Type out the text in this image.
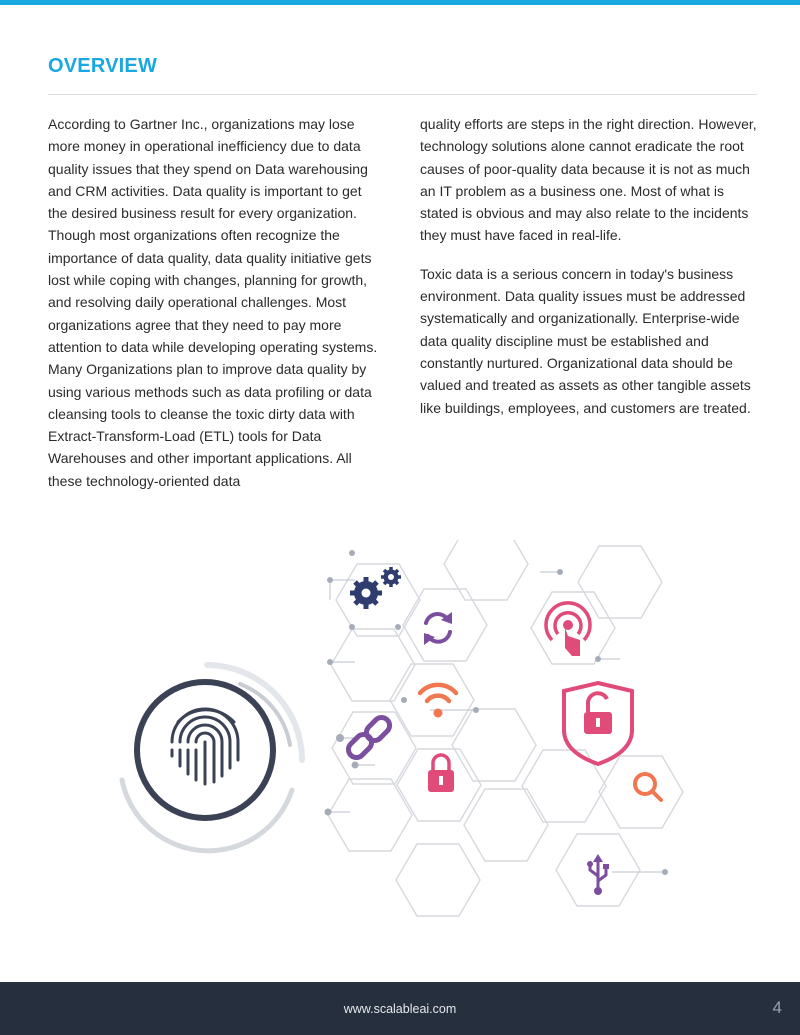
OVERVIEW

According to Gartner Inc., organizations may lose more money in operational inefficiency due to data quality issues that they spend on Data warehousing and CRM activities. Data quality is important to get the desired business result for every organization. Though most organizations often recognize the importance of data quality, data quality initiative gets lost while coping with changes, planning for growth, and resolving daily operational challenges. Most organizations agree that they need to pay more attention to data while developing operating systems. Many Organizations plan to improve data quality by using various methods such as data profiling or data cleansing tools to cleanse the toxic dirty data with Extract-Transform-Load (ETL) tools for Data Warehouses and other important applications. All these technology-oriented data

quality efforts are steps in the right direction. However, technology solutions alone cannot eradicate the root causes of poor-quality data because it is not as much an IT problem as a business one. Most of what is stated is obvious and may also relate to the incidents they must have faced in real-life.

Toxic data is a serious concern in today's business environment. Data quality issues must be addressed systematically and organizationally. Enterprise-wide data quality discipline must be established and constantly nurtured. Organizational data should be valued and treated as assets as other tangible assets like buildings, employees, and customers are treated.

www.scalableai.com	4
